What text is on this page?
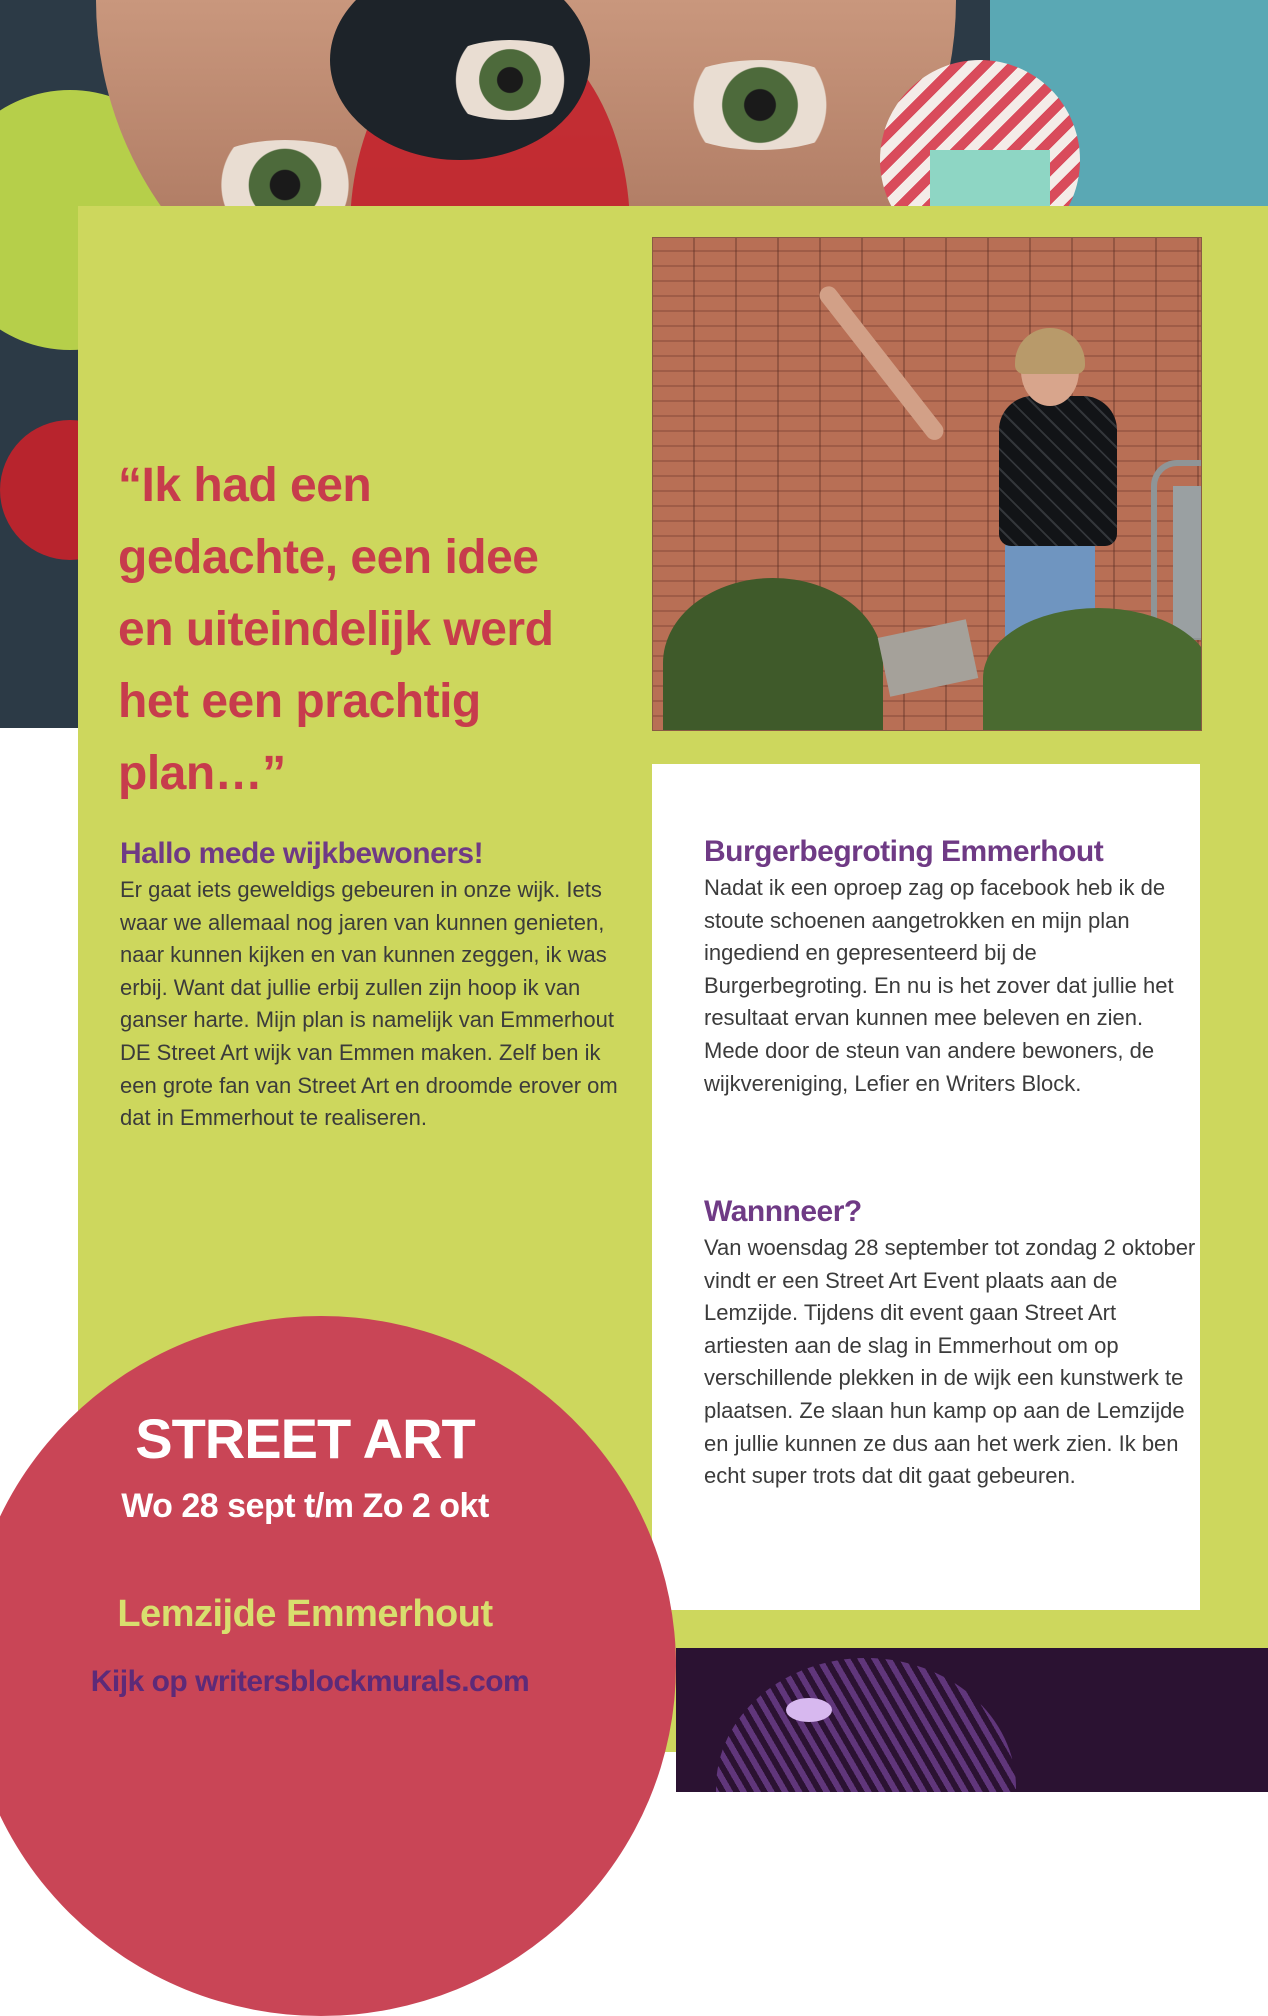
“Ik had een gedachte, een idee en uiteindelijk werd het een prachtig plan…”

Hallo mede wijkbewoners!

Er gaat iets geweldigs gebeuren in onze wijk. Iets waar we allemaal nog jaren van kunnen genieten, naar kunnen kijken en van kunnen zeggen, ik was erbij. Want dat jullie erbij zullen zijn hoop ik van ganser harte. Mijn plan is namelijk van Emmerhout DE Street Art wijk van Emmen maken. Zelf ben ik een grote fan van Street Art en droomde erover om dat in Emmerhout te realiseren.

Burgerbegroting Emmerhout

Nadat ik een oproep zag op facebook heb ik de stoute schoenen aangetrokken en mijn plan ingediend en gepresenteerd bij de Burgerbegroting. En nu is het zover dat jullie het resultaat ervan kunnen mee beleven en zien. Mede door de steun van andere bewoners, de wijkvereniging, Lefier en Writers Block.

Wannneer?

Van woensdag 28 september tot zondag 2 oktober vindt er een Street Art Event plaats aan de Lemzijde. Tijdens dit event gaan Street Art artiesten aan de slag in Emmerhout om op verschillende plekken in de wijk een kunstwerk te plaatsen. Ze slaan hun kamp op aan de Lemzijde en jullie kunnen ze dus aan het werk zien. Ik ben echt super trots dat dit gaat gebeuren.

STREET ART

Wo 28 sept t/m Zo 2 okt

Lemzijde Emmerhout

Kijk op writersblockmurals.com
